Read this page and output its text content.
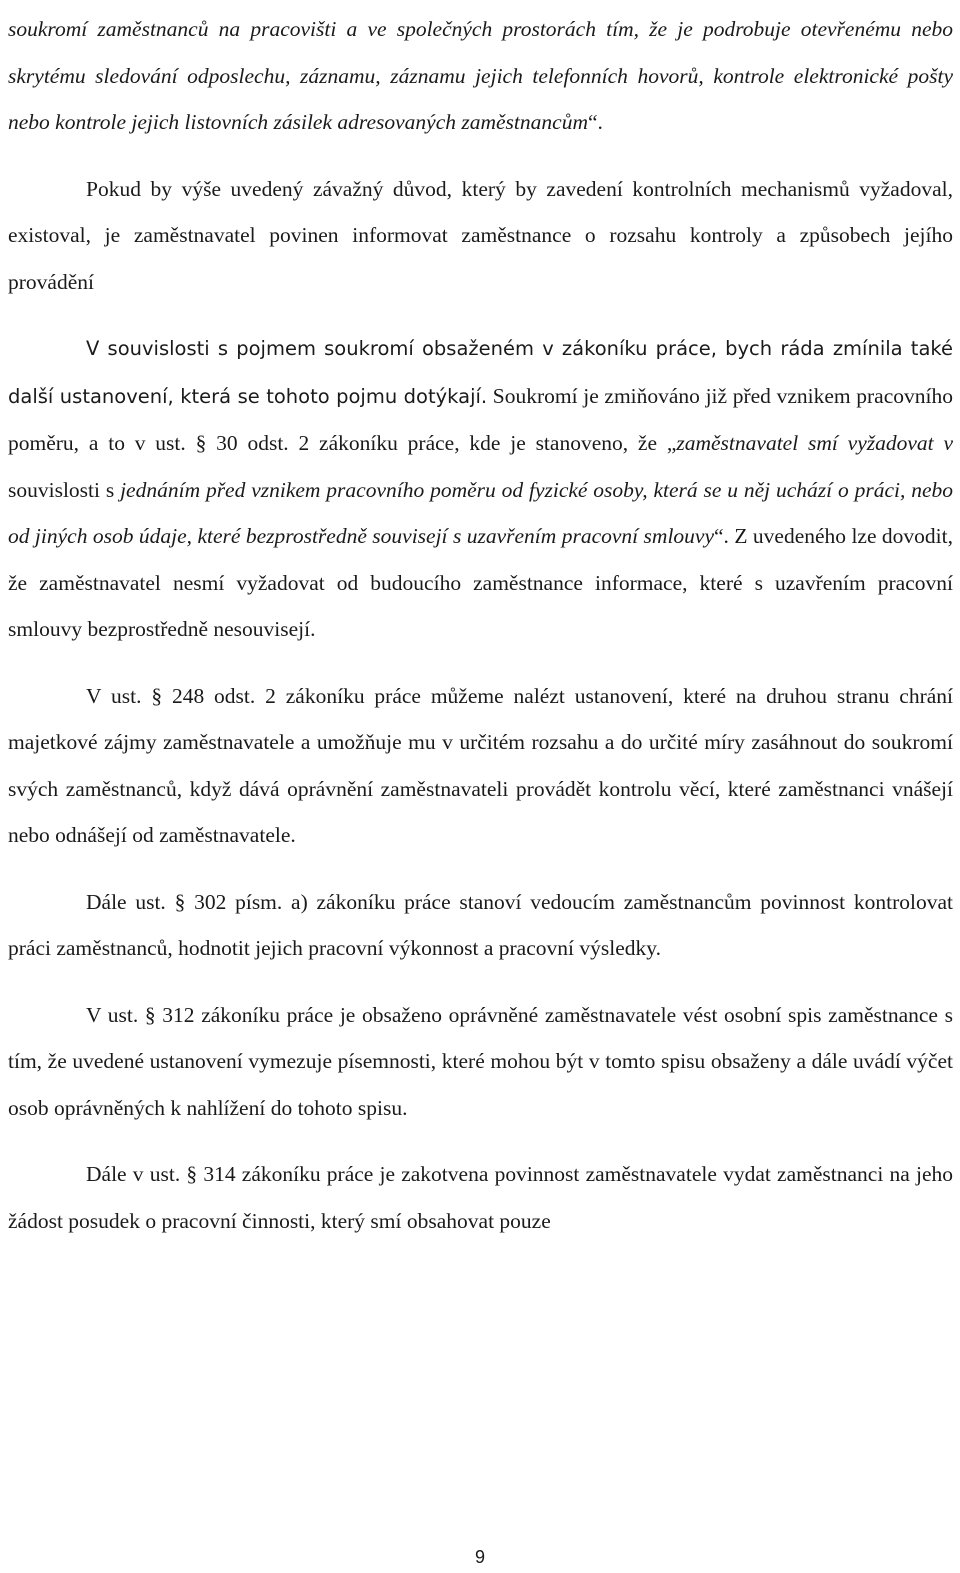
soukromí zaměstnanců na pracovišti a ve společných prostorách tím, že je podrobuje otevřenému nebo skrytému sledování odposlechu, záznamu, záznamu jejich telefonních hovorů, kontrole elektronické pošty nebo kontrole jejich listovních zásilek adresovaných zaměstnancům“.

Pokud by výše uvedený závažný důvod, který by zavedení kontrolních mechanismů vyžadoval, existoval, je zaměstnavatel povinen informovat zaměstnance o rozsahu kontroly a způsobech jejího provádění

V souvislosti s pojmem soukromí obsaženém v zákoníku práce, bych ráda zmínila také další ustanovení, která se tohoto pojmu dotýkají. Soukromí je zmiňováno již před vznikem pracovního poměru, a to v ust. § 30 odst. 2 zákoníku práce, kde je stanoveno, že „zaměstnavatel smí vyžadovat v souvislosti s jednáním před vznikem pracovního poměru od fyzické osoby, která se u něj uchází o práci, nebo od jiných osob údaje, které bezprostředně souvisejí s uzavřením pracovní smlouvy“. Z uvedeného lze dovodit, že zaměstnavatel nesmí vyžadovat od budoucího zaměstnance informace, které s uzavřením pracovní smlouvy bezprostředně nesouvisejí.

V ust. § 248 odst. 2 zákoníku práce můžeme nalézt ustanovení, které na druhou stranu chrání majetkové zájmy zaměstnavatele a umožňuje mu v určitém rozsahu a do určité míry zasáhnout do soukromí svých zaměstnanců, když dává oprávnění zaměstnavateli provádět kontrolu věcí, které zaměstnanci vnášejí nebo odnášejí od zaměstnavatele.

Dále ust. § 302 písm. a) zákoníku práce stanoví vedoucím zaměstnancům povinnost kontrolovat práci zaměstnanců, hodnotit jejich pracovní výkonnost a pracovní výsledky.

V ust. § 312 zákoníku práce je obsaženo oprávněné zaměstnavatele vést osobní spis zaměstnance s tím, že uvedené ustanovení vymezuje písemnosti, které mohou být v tomto spisu obsaženy a dále uvádí výčet osob oprávněných k nahlížení do tohoto spisu.

Dále v ust. § 314 zákoníku práce je zakotvena povinnost zaměstnavatele vydat zaměstnanci na jeho žádost posudek o pracovní činnosti, který smí obsahovat pouze

9
